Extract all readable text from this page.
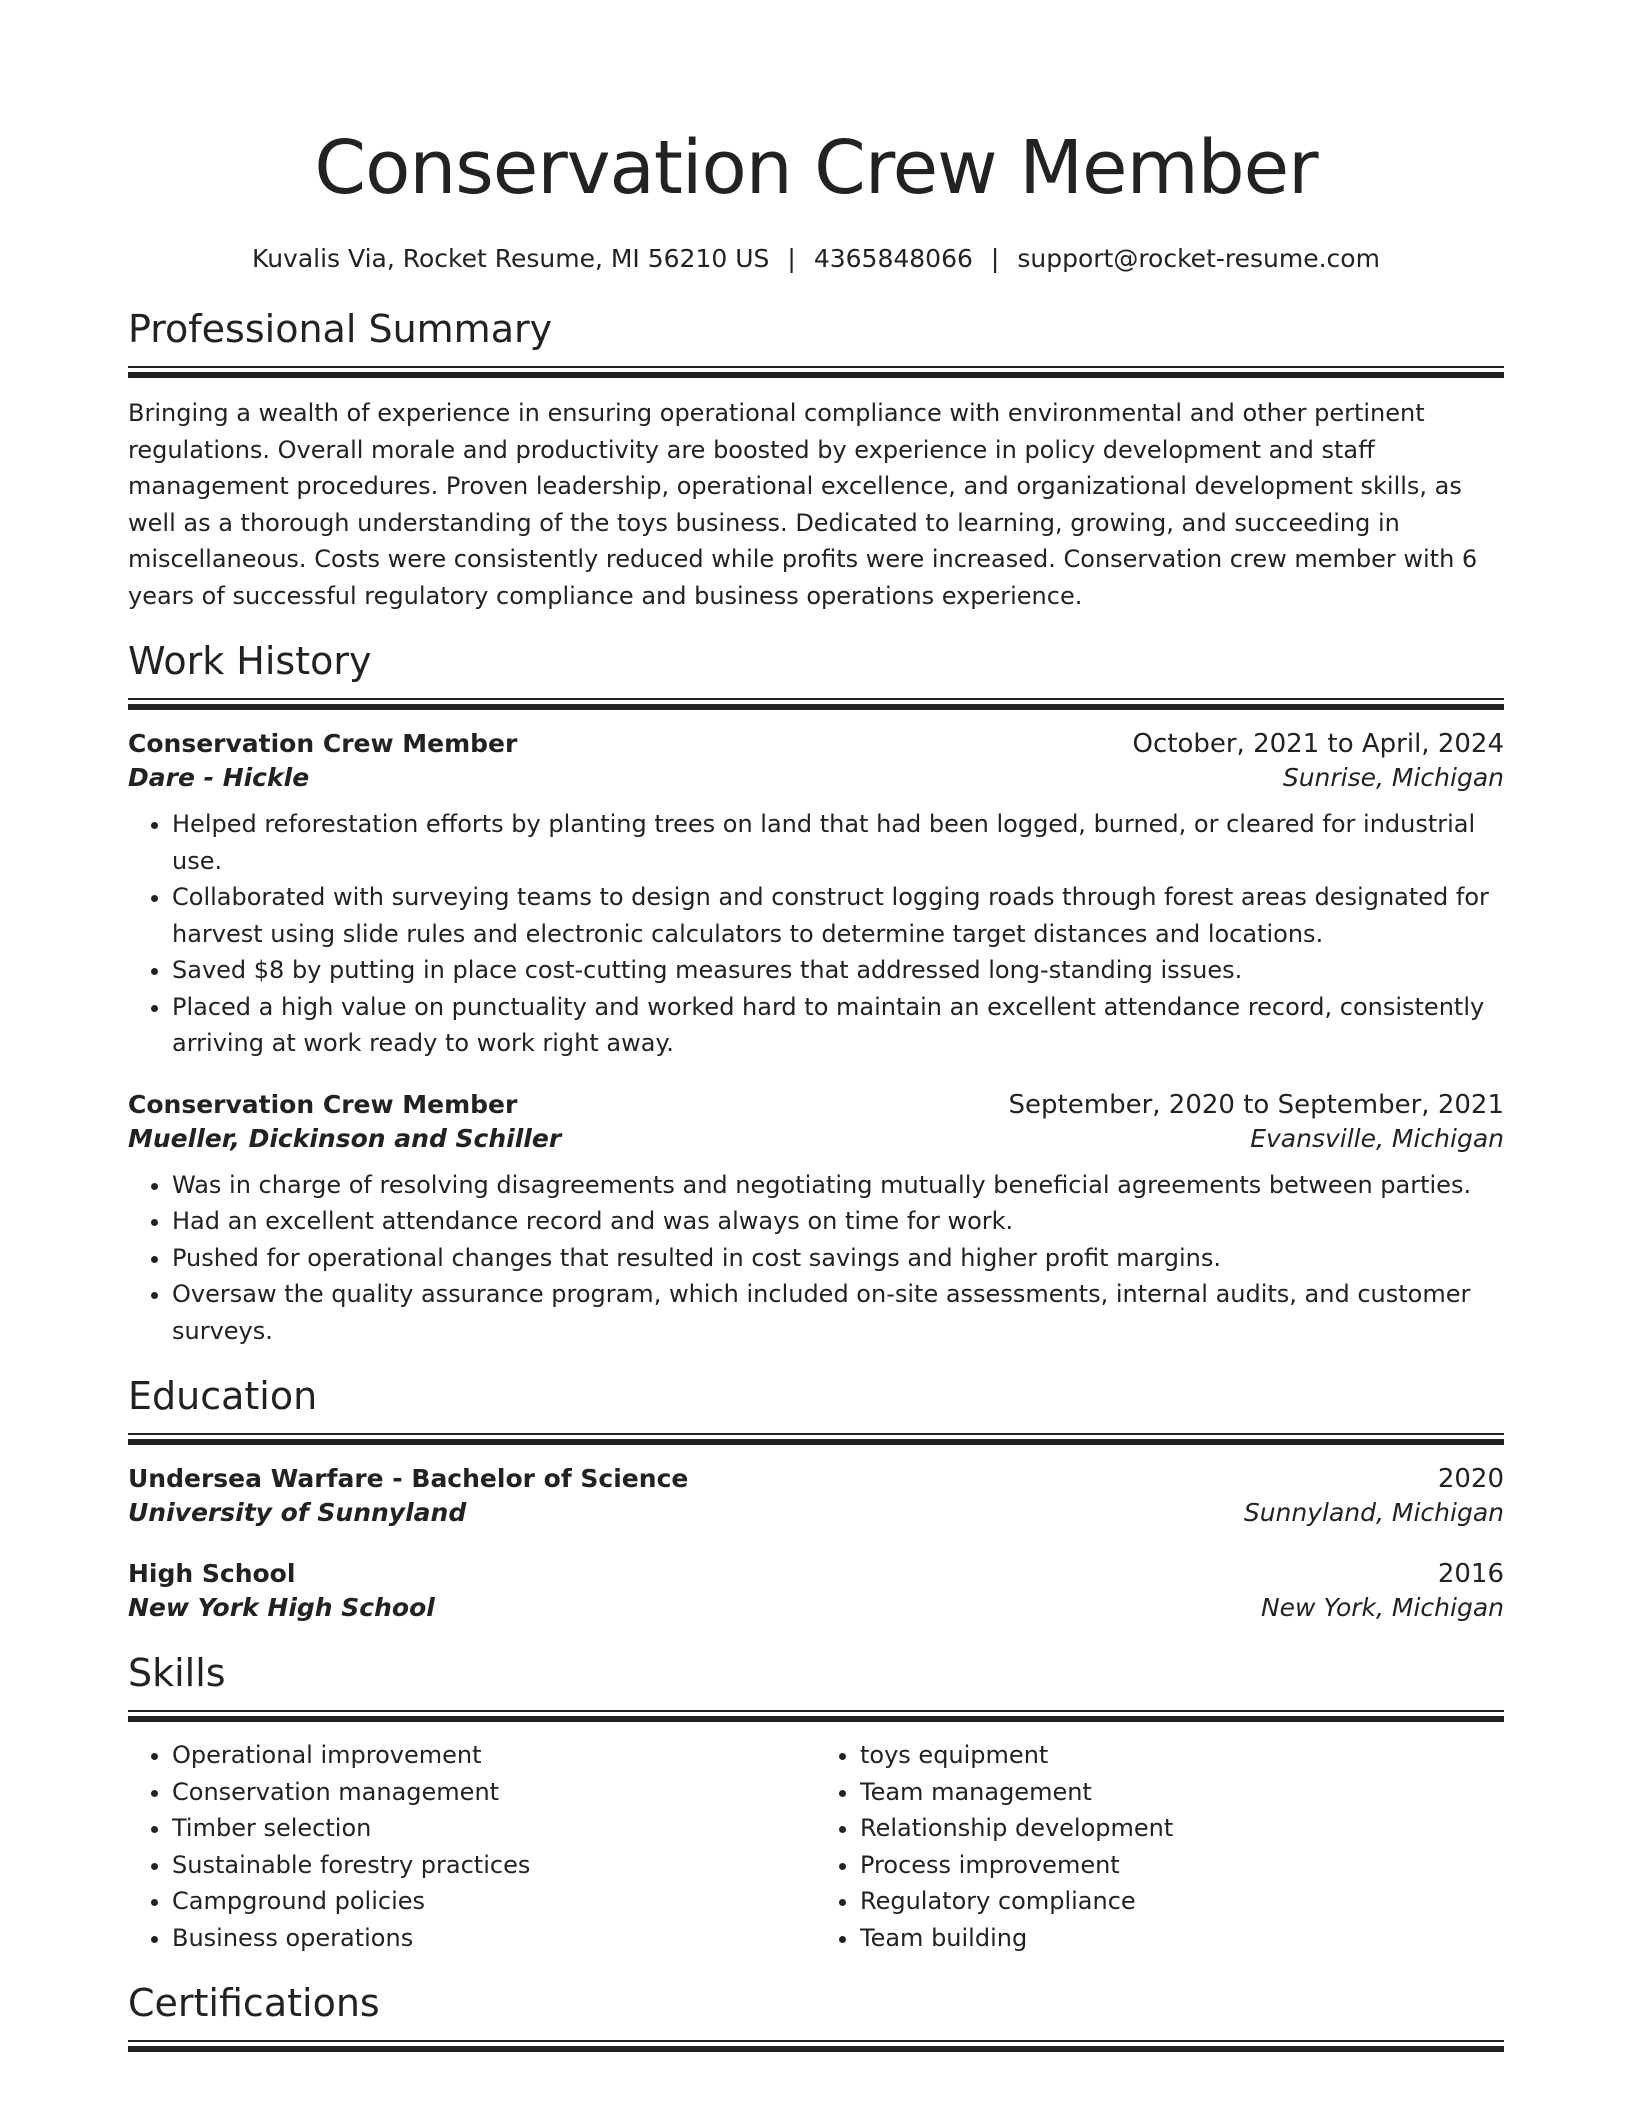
Conservation Crew Member
Kuvalis Via, Rocket Resume, MI 56210 US | 4365848066 | support@rocket-resume.com
Professional Summary

Bringing a wealth of experience in ensuring operational compliance with environmental and other pertinent regulations. Overall morale and productivity are boosted by experience in policy development and staff management procedures. Proven leadership, operational excellence, and organizational development skills, as well as a thorough understanding of the toys business. Dedicated to learning, growing, and succeeding in miscellaneous. Costs were consistently reduced while profits were increased. Conservation crew member with 6 years of successful regulatory compliance and business operations experience.

Work History
Conservation Crew Member	October, 2021 to April, 2024
Dare - Hickle	Sunrise, Michigan
• Helped reforestation efforts by planting trees on land that had been logged, burned, or cleared for industrial use.
• Collaborated with surveying teams to design and construct logging roads through forest areas designated for harvest using slide rules and electronic calculators to determine target distances and locations.
• Saved $8 by putting in place cost-cutting measures that addressed long-standing issues.
• Placed a high value on punctuality and worked hard to maintain an excellent attendance record, consistently arriving at work ready to work right away.
Conservation Crew Member	September, 2020 to September, 2021
Mueller, Dickinson and Schiller	Evansville, Michigan
• Was in charge of resolving disagreements and negotiating mutually beneficial agreements between parties.
• Had an excellent attendance record and was always on time for work.
• Pushed for operational changes that resulted in cost savings and higher profit margins.
• Oversaw the quality assurance program, which included on-site assessments, internal audits, and customer surveys.
Education
Undersea Warfare - Bachelor of Science	2020
University of Sunnyland	Sunnyland, Michigan
High School	2016
New York High School	New York, Michigan
Skills
• Operational improvement
• Conservation management
• Timber selection
• Sustainable forestry practices
• Campground policies
• Business operations
• toys equipment
• Team management
• Relationship development
• Process improvement
• Regulatory compliance
• Team building
Certifications
